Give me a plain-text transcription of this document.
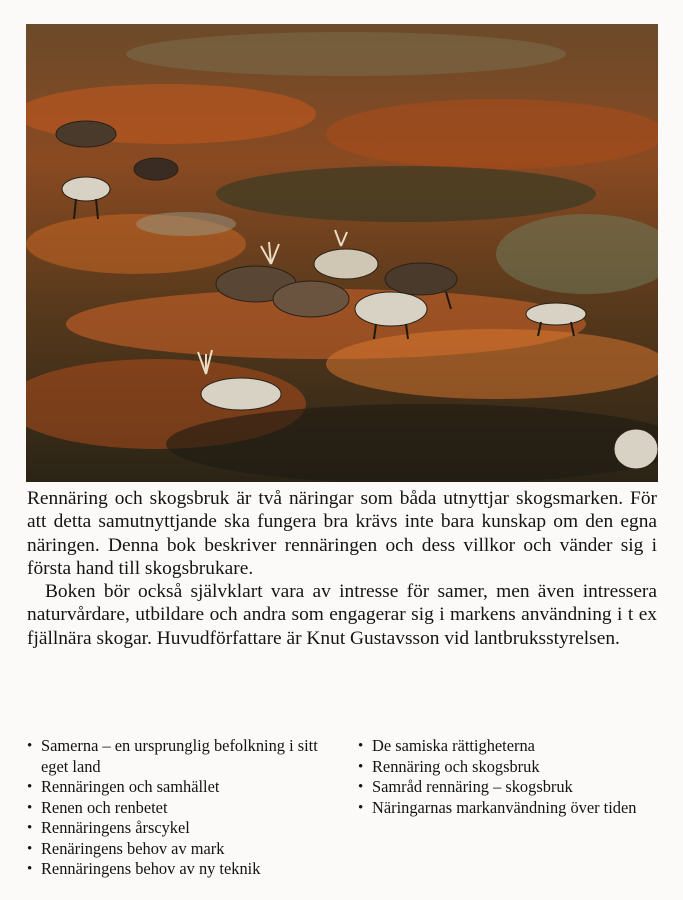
Rennäring och skogsbruk är två näringar som båda utnyttjar skogsmarken. För att detta samutnyttjande ska fungera bra krävs inte bara kunskap om den egna näringen. Denna bok beskriver rennäringen och dess villkor och vänder sig i första hand till skogsbrukare.

Boken bör också självklart vara av intresse för samer, men även intressera naturvårdare, utbildare och andra som engagerar sig i markens användning i t ex fjällnära skogar. Huvudförfattare är Knut Gustavsson vid lantbruksstyrelsen.

• Samerna – en ursprunglig befolkning i sitt eget land
• Rennäringen och samhället
• Renen och renbetet
• Rennäringens årscykel
• Renäringens behov av mark
• Rennäringens behov av ny teknik
• De samiska rättigheterna
• Rennäring och skogsbruk
• Samråd rennäring – skogsbruk
• Näringarnas markanvändning över tiden
